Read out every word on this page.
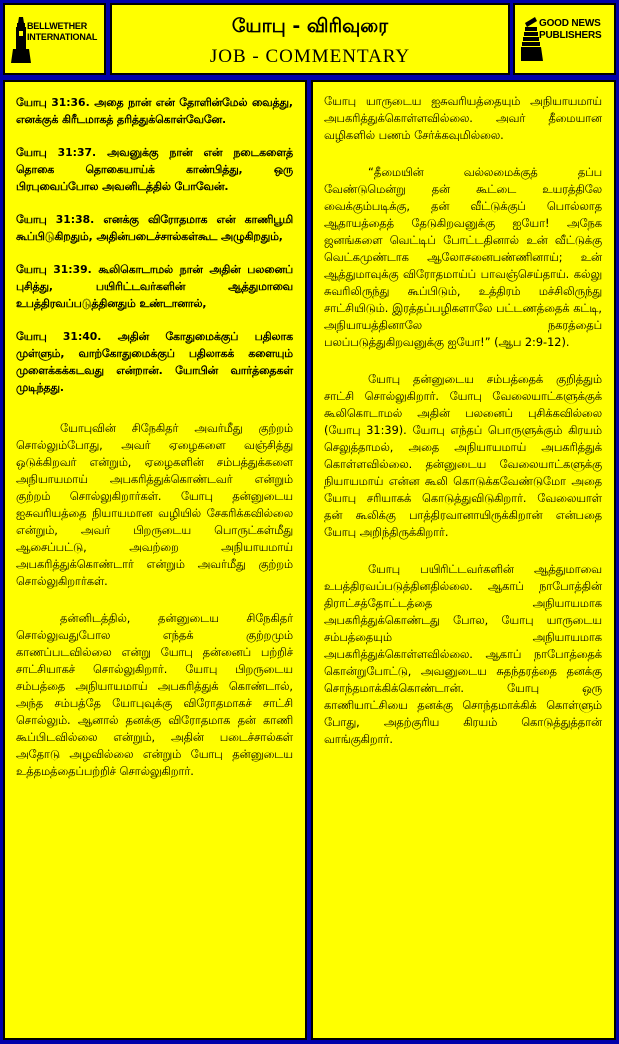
BELLWETHER
INTERNATIONAL	யோபு - விரிவுரை
JOB - COMMENTARY
GOOD NEWS
PUBLISHERS

யோபு 31:36. அதை நான் என் தோளின்மேல் வைத்து, எனக்குக் கிரீடமாகத் தரித்துக்கொள்வேனே.

யோபு 31:37. அவனுக்கு நான் என் நடைகளைத் தொகை தொகையாய்க் காண்பித்து, ஒரு பிரபுவைப்போல அவனிடத்தில் போவேன்.

யோபு 31:38. எனக்கு விரோதமாக என் காணிபூமி கூப்பிடுகிறதும், அதின்படைச்சால்கள்கூட அழுகிறதும்,

யோபு 31:39. கூலிகொடாமல் நான் அதின் பலனைப் புசித்து, பயிரிட்டவர்களின் ஆத்துமாவை உபத்திரவப்படுத்தினதும் உண்டானால்,

யோபு 31:40. அதின் கோதுமைக்குப் பதிலாக முள்ளும், வாற்கோதுமைக்குப் பதிலாகக் களையும் முளைக்கக்கடவது என்றான். யோபின் வார்த்தைகள் முடிந்தது.

யோபுவின் சிநேகிதர் அவர்மீது குற்றம் சொல்லும்போது, அவர் ஏழைகளை வஞ்சித்து ஒடுக்கிறவர் என்றும், ஏழைகளின் சம்பத்துக்களை அநியாயமாய் அபகரித்துக்கொண்டவர் என்றும் குற்றம் சொல்லுகிறார்கள். யோபு தன்னுடைய ஐசுவரியத்தை நியாயமான வழியில் சேகரிக்கவில்லை என்றும், அவர் பிறருடைய பொருட்கள்மீது ஆசைப்பட்டு, அவற்றை அநியாயமாய் அபகரித்துக்கொண்டார் என்றும் அவர்மீது குற்றம் சொல்லுகிறார்கள்.

தன்னிடத்தில், தன்னுடைய சிநேகிதர் சொல்லுவதுபோல எந்தக் குற்றமும் காணப்படவில்லை என்று யோபு தன்னைப் பற்றிச் சாட்சியாகச் சொல்லுகிறார். யோபு பிறருடைய சம்பத்தை அநியாயமாய் அபகரித்துக் கொண்டால், அந்த சம்பத்தே யோபுவுக்கு விரோதமாகச் சாட்சி சொல்லும். ஆனால் தனக்கு விரோதமாக தன் காணி கூப்பிடவில்லை என்றும், அதின் படைச்சால்கள் அதோடு அழவில்லை என்றும் யோபு தன்னுடைய உத்தமத்தைப்பற்றிச் சொல்லுகிறார்.

யோபு யாருடைய ஐசுவரியத்தையும் அநியாயமாய் அபகரித்துக்கொள்ளவில்லை. அவர் தீமையான வழிகளில் பணம் சேர்க்கவுமில்லை.

“தீமையின் வல்லமைக்குத் தப்ப வேண்டுமென்று தன் கூட்டை உயரத்திலே வைக்கும்படிக்கு, தன் வீட்டுக்குப் பொல்லாத ஆதாயத்தைத் தேடுகிறவனுக்கு ஐயோ! அநேக ஜனங்களை வெட்டிப் போட்டதினால் உன் வீட்டுக்கு வெட்கமுண்டாக ஆலோசனைபண்ணினாய்; உன் ஆத்துமாவுக்கு விரோதமாய்ப் பாவஞ்செய்தாய். கல்லு சுவரிலிருந்து கூப்பிடும், உத்திரம் மச்சிலிருந்து சாட்சியிடும். இரத்தப்பழிகளாலே பட்டணத்தைக் கட்டி, அநியாயத்தினாலே நகரத்தைப் பலப்படுத்துகிறவனுக்கு ஐயோ!” (ஆப 2:9-12).

யோபு தன்னுடைய சம்பத்தைக் குறித்தும் சாட்சி சொல்லுகிறார். யோபு வேலையாட்களுக்குக் கூலிகொடாமல் அதின் பலனைப் புசிக்கவில்லை (யோபு 31:39). யோபு எந்தப் பொருளுக்கும் கிரயம் செலுத்தாமல், அதை அநியாயமாய் அபகரித்துக் கொள்ளவில்லை. தன்னுடைய வேலையாட்களுக்கு நியாயமாய் என்ன கூலி கொடுக்கவேண்டுமோ அதை யோபு சரியாகக் கொடுத்துவிடுகிறார். வேலையாள் தன் கூலிக்கு பாத்திரவானாயிருக்கிறான் என்பதை யோபு அறிந்திருக்கிறார்.

யோபு பயிரிட்டவர்களின் ஆத்துமாவை உபத்திரவப்படுத்தினதில்லை. ஆகாப் நாபோத்தின் திராட்சத்தோட்டத்தை அநியாயமாக அபகரித்துக்கொண்டது போல, யோபு யாருடைய சம்பத்தையும் அநியாயமாக அபகரித்துக்கொள்ளவில்லை. ஆகாப் நாபோத்தைக் கொன்றுபோட்டு, அவனுடைய சுதந்தரத்தை தனக்கு சொந்தமாக்கிக்கொண்டான். யோபு ஒரு காணியாட்சியை தனக்கு சொந்தமாக்கிக் கொள்ளும் போது, அதற்குரிய கிரயம் கொடுத்துத்தான் வாங்குகிறார்.
